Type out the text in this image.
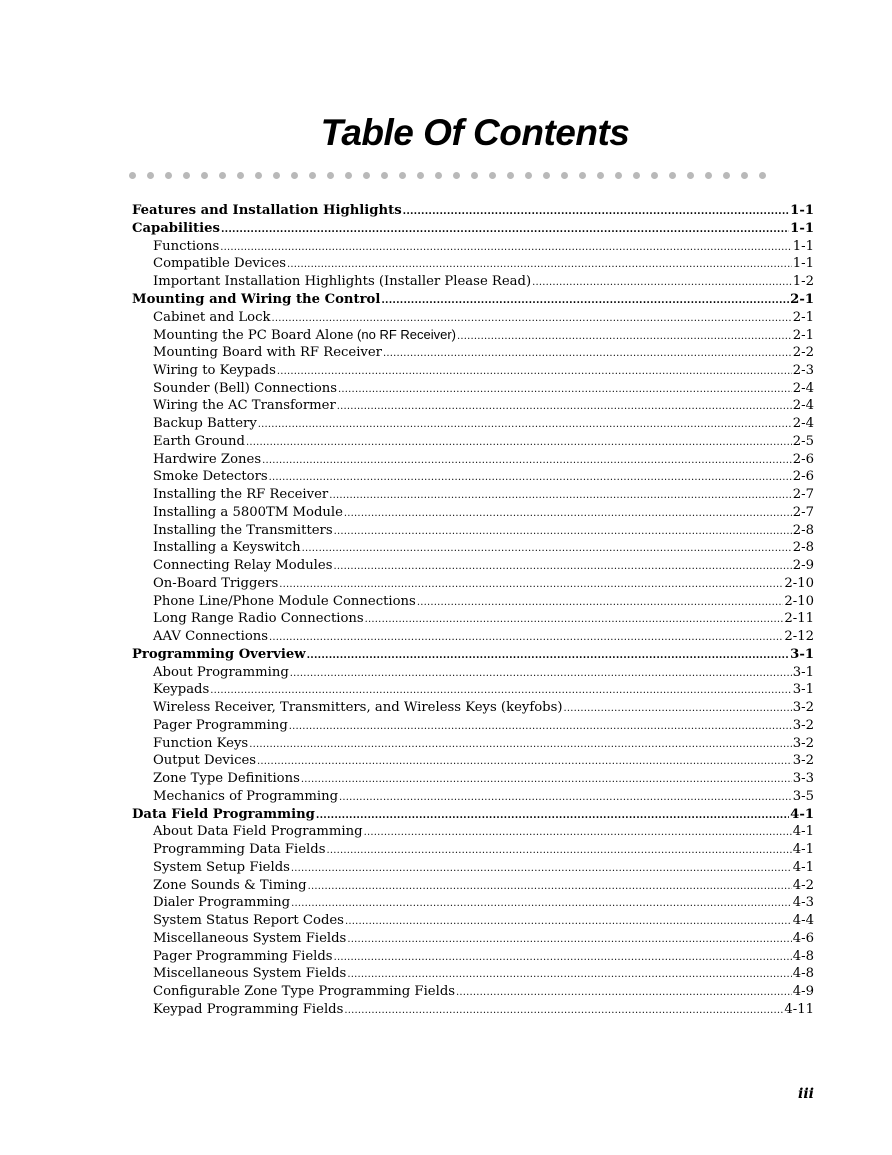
Table Of Contents
Features and Installation Highlights .....	1-1
Capabilities .....	1-1
Functions .....	1-1
Compatible Devices .....	1-1
Important Installation Highlights (Installer Please Read) .....	1-2
Mounting and Wiring the Control .....	2-1
Cabinet and Lock .....	2-1
Mounting the PC Board Alone (no RF Receiver) .....	2-1
Mounting Board with RF Receiver .....	2-2
Wiring to Keypads .....	2-3
Sounder (Bell) Connections .....	2-4
Wiring the AC Transformer .....	2-4
Backup Battery .....	2-4
Earth Ground .....	2-5
Hardwire Zones .....	2-6
Smoke Detectors .....	2-6
Installing the RF Receiver .....	2-7
Installing a 5800TM Module .....	2-7
Installing the Transmitters .....	2-8
Installing a Keyswitch .....	2-8
Connecting Relay Modules .....	2-9
On-Board Triggers .....	2-10
Phone Line/Phone Module Connections .....	2-10
Long Range Radio Connections .....	2-11
AAV Connections .....	2-12
Programming Overview .....	3-1
About Programming .....	3-1
Keypads .....	3-1
Wireless Receiver, Transmitters, and Wireless Keys (keyfobs) .....	3-2
Pager Programming .....	3-2
Function Keys .....	3-2
Output Devices .....	3-2
Zone Type Definitions .....	3-3
Mechanics of Programming .....	3-5
Data Field Programming .....	4-1
About Data Field Programming .....	4-1
Programming Data Fields .....	4-1
System Setup Fields .....	4-1
Zone Sounds & Timing .....	4-2
Dialer Programming .....	4-3
System Status Report Codes .....	4-4
Miscellaneous System Fields .....	4-6
Pager Programming Fields .....	4-8
Miscellaneous System Fields .....	4-8
Configurable Zone Type Programming Fields .....	4-9
Keypad Programming Fields .....	4-11
iii
